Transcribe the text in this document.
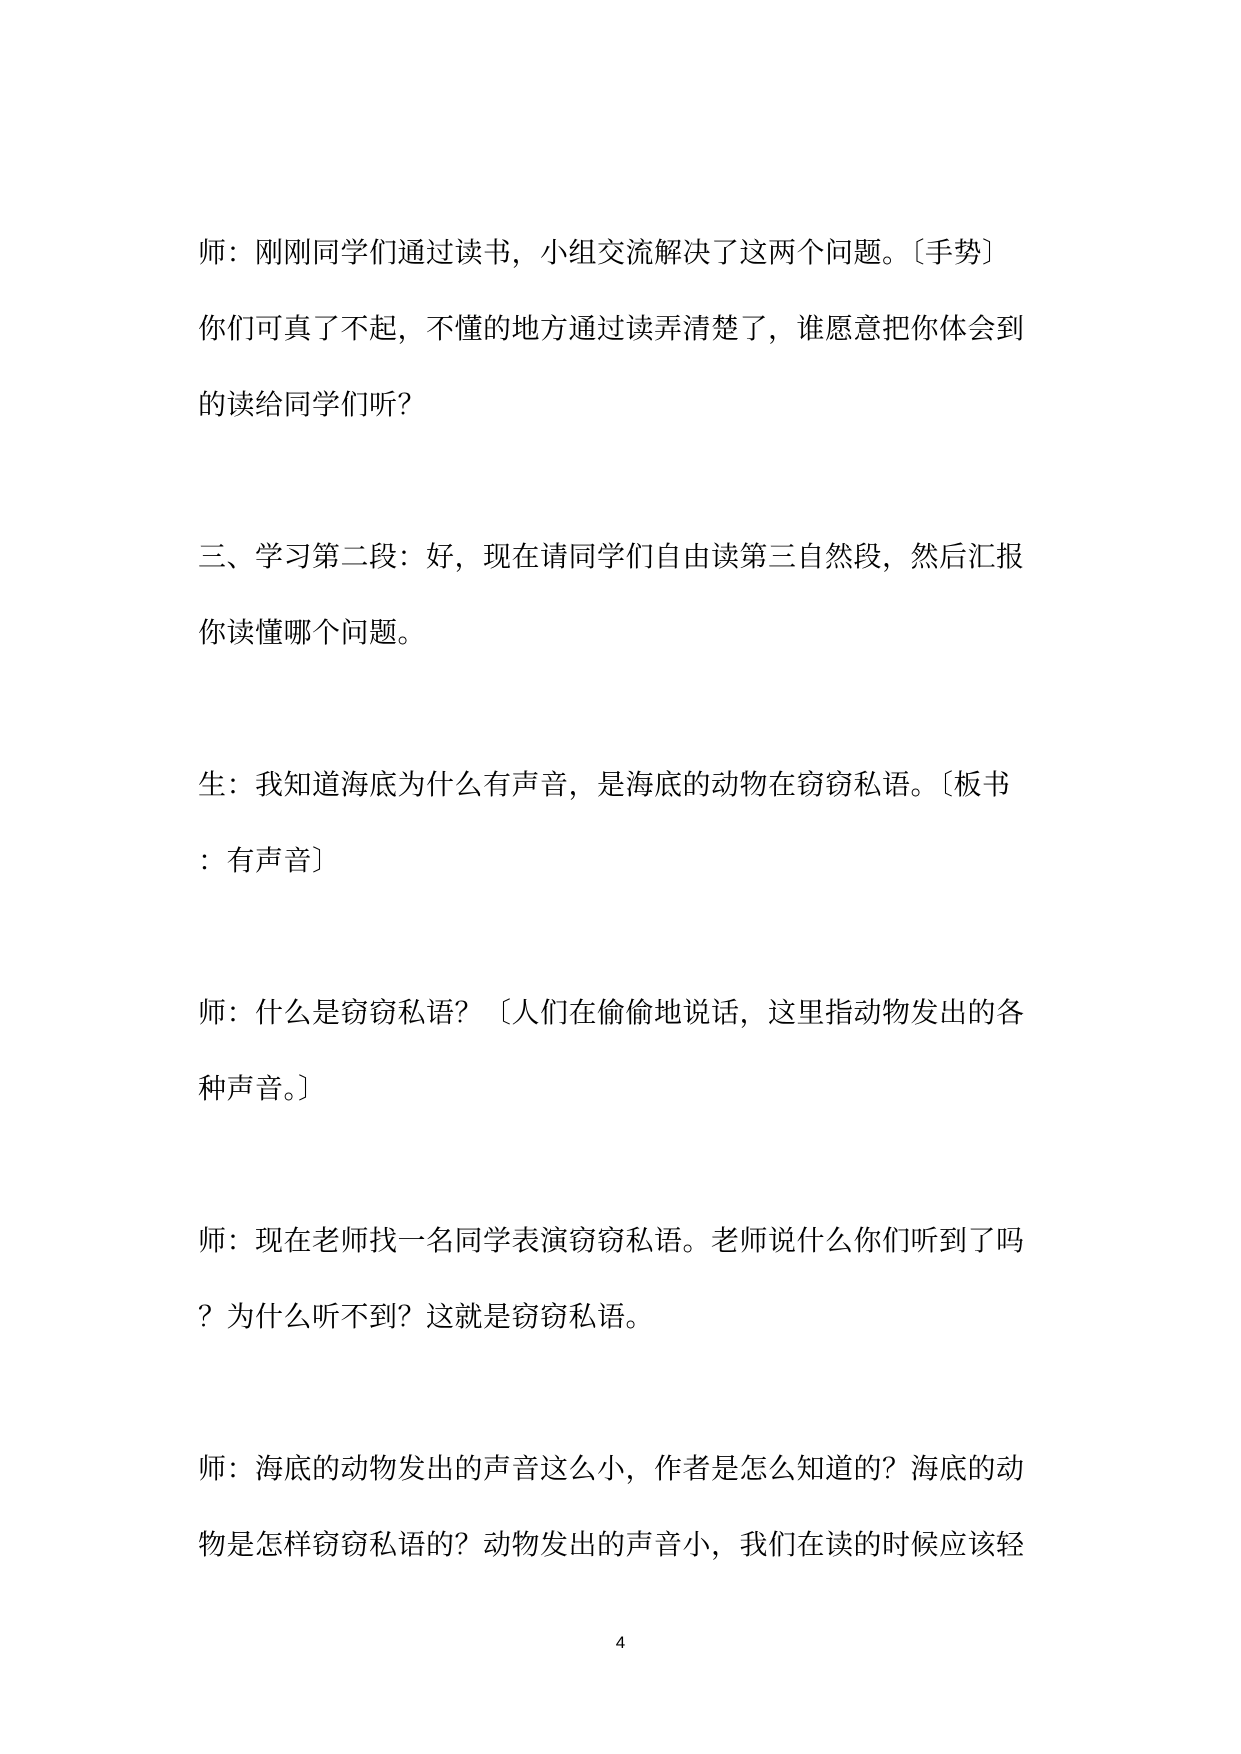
师：刚刚同学们通过读书，小组交流解决了这两个问题。〔手势〕
你们可真了不起，不懂的地方通过读弄清楚了，谁愿意把你体会到
的读给同学们听？
三、学习第二段：好，现在请同学们自由读第三自然段，然后汇报
你读懂哪个问题。
生：我知道海底为什么有声音，是海底的动物在窃窃私语。〔板书
：有声音〕
师：什么是窃窃私语？〔人们在偷偷地说话，这里指动物发出的各
种声音。〕
师：现在老师找一名同学表演窃窃私语。老师说什么你们听到了吗
？为什么听不到？这就是窃窃私语。
师：海底的动物发出的声音这么小，作者是怎么知道的？海底的动
物是怎样窃窃私语的？动物发出的声音小，我们在读的时候应该轻
4
